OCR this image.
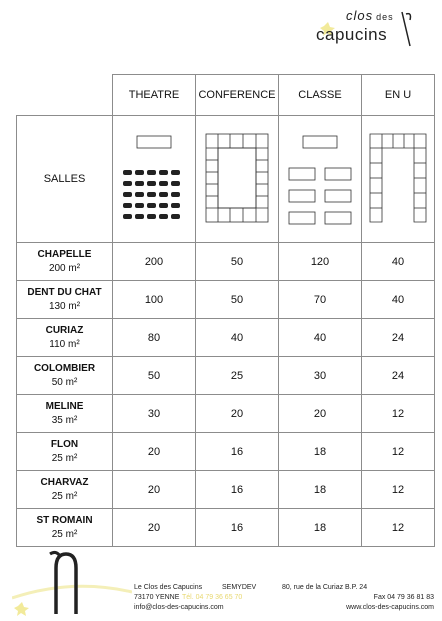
clos des
capucins
	THEATRE	CONFERENCE	CLASSE	EN U
SALLES				

CHAPELLE
200 m²	200	50	120	40

DENT DU CHAT
130 m²	100	50	70	40

CURIAZ
110 m²	80	40	40	24

COLOMBIER
50 m²	50	25	30	24

MELINE
35 m²	30	20	20	12

FLON
25 m²	20	16	18	12

CHARVAZ
25 m²	20	16	18	12

ST ROMAIN
25 m²	20	16	18	12
Le Clos des Capucins	SEMYDEV	80, rue de la Curiaz B.P. 24
73170 YENNE Tél. 04 79 36 65 70	Fax 04 79 36 81 83
info@clos-des-capucins.com	www.clos-des-capucins.com
